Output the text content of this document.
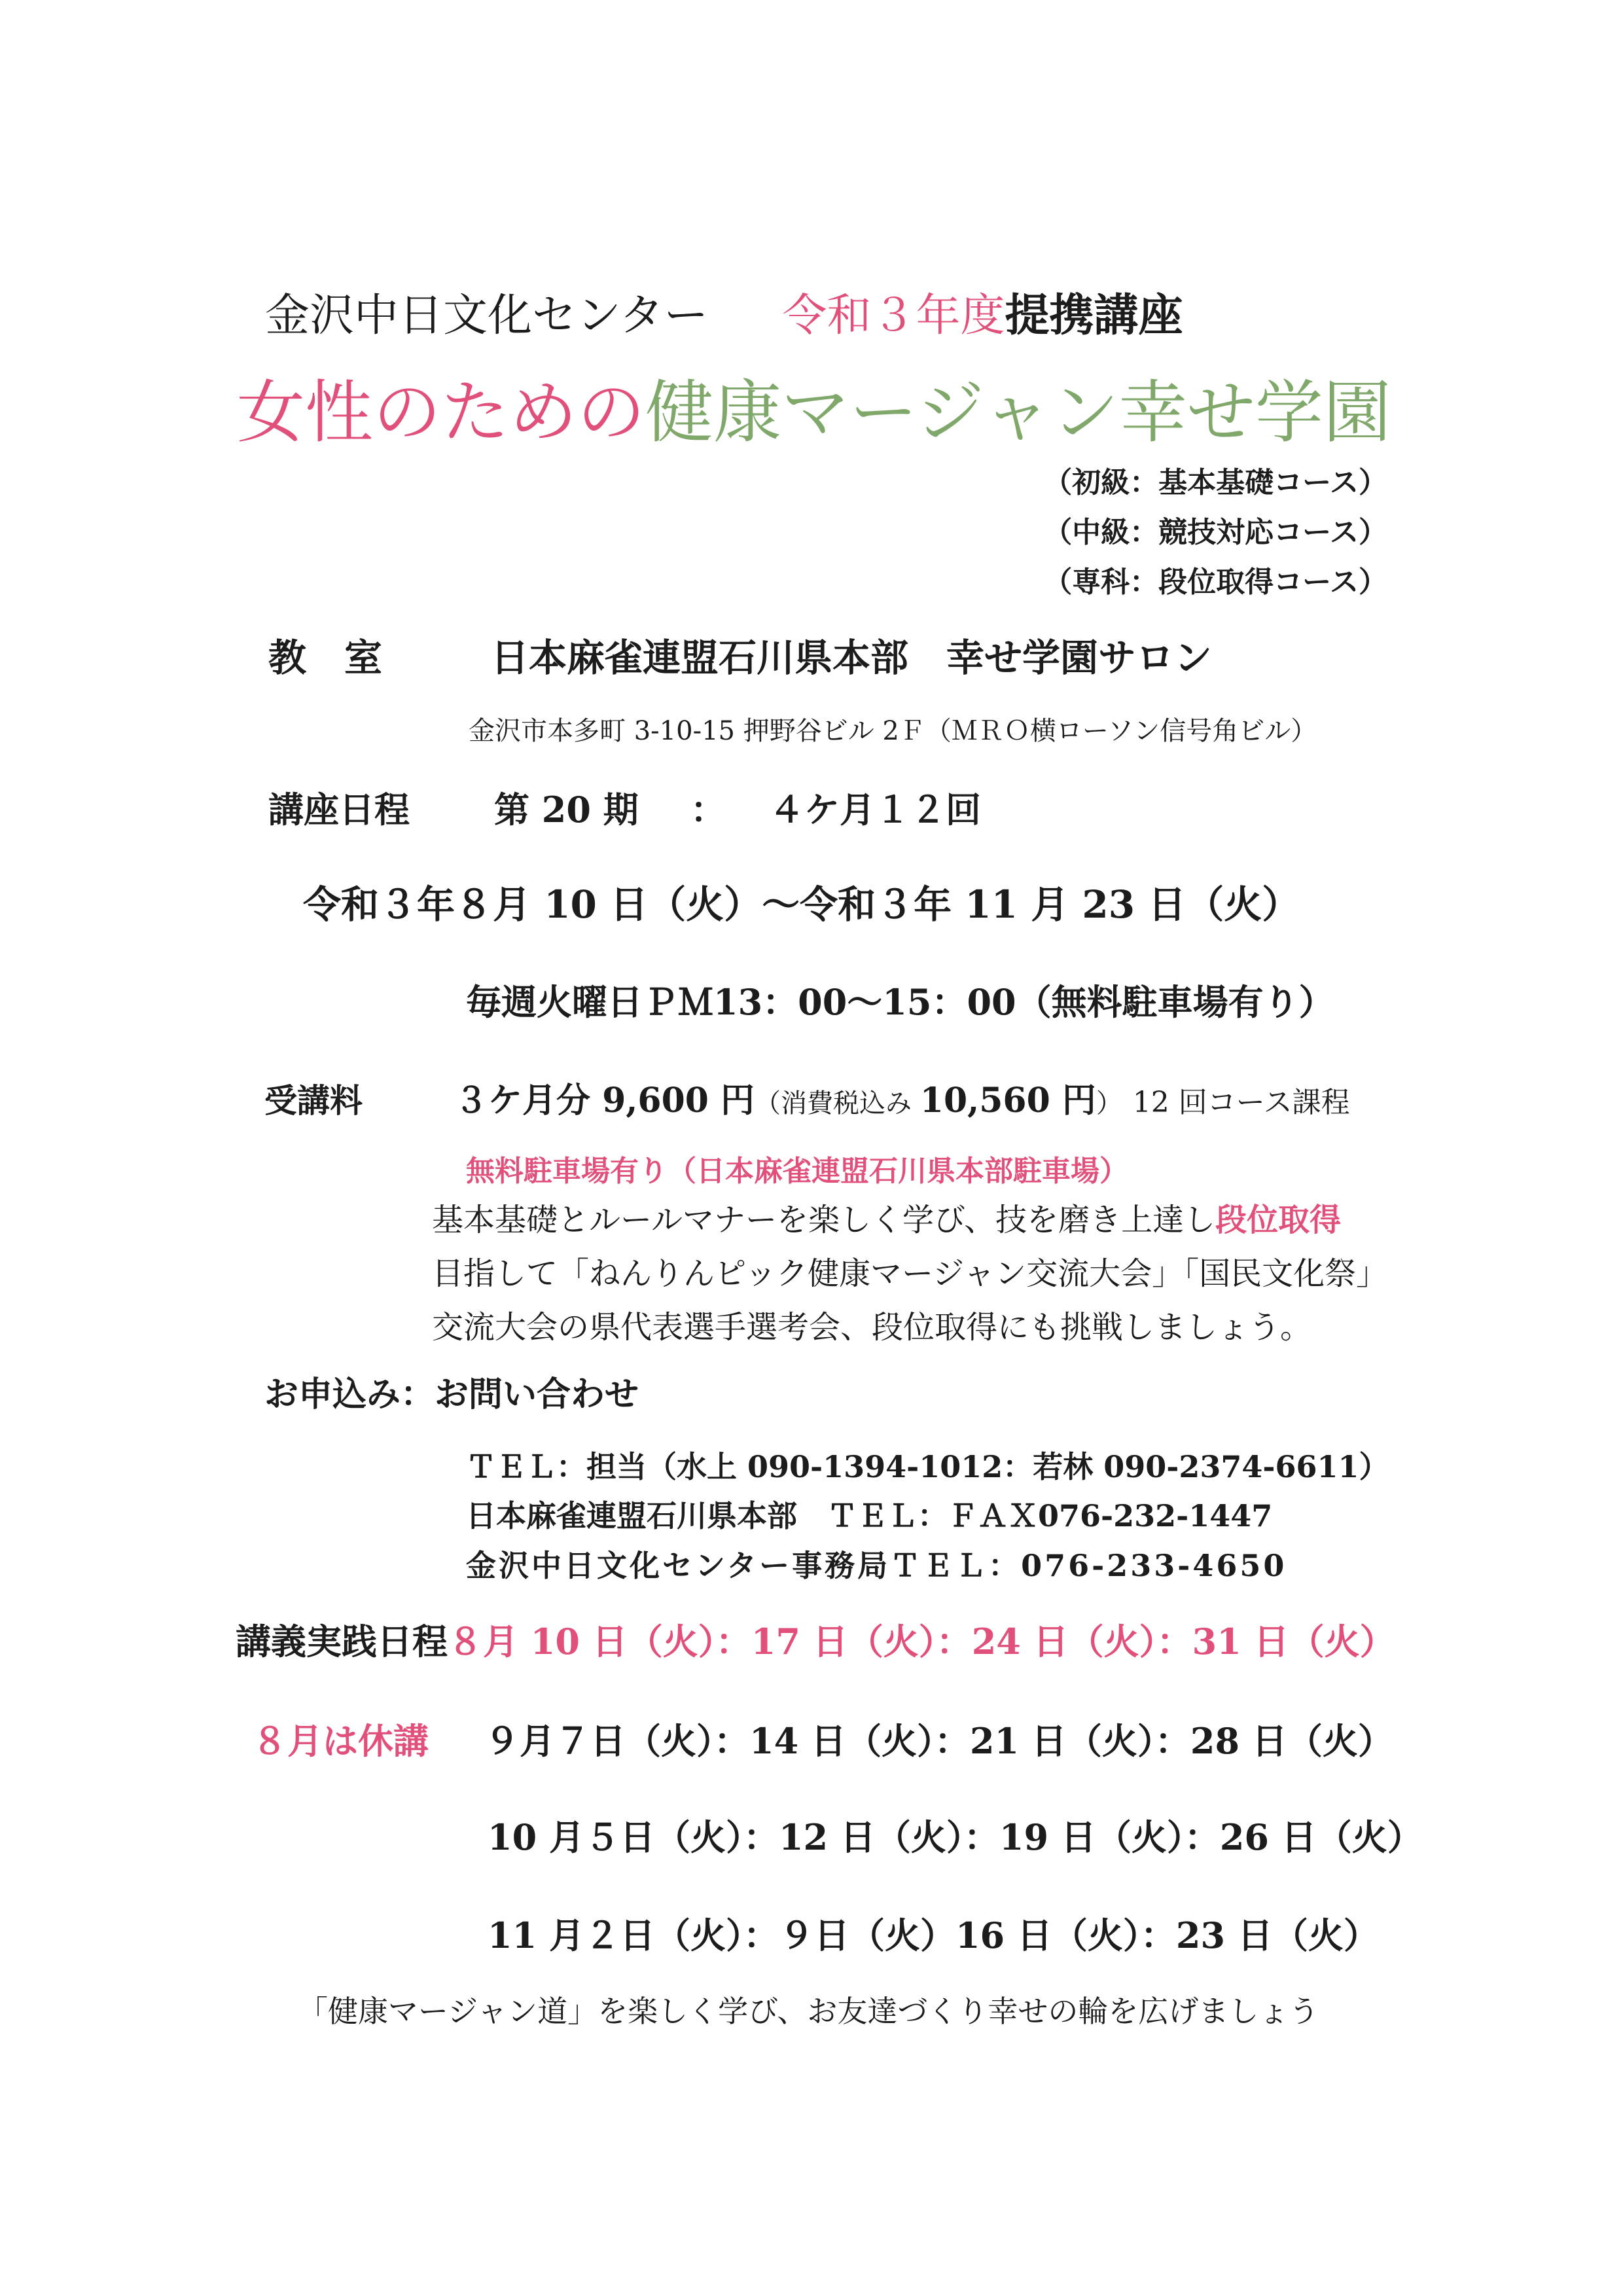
金沢中日文化センター 令和３年度提携講座
女性のための健康マージャン幸せ学園
（初級：基本基礎コース）
（中級：競技対応コース）
（専科：段位取得コース）
教　室	日本麻雀連盟石川県本部　幸せ学園サロン
金沢市本多町 3-10-15 押野谷ビル 2Ｆ（ＭＲＯ横ローソン信号角ビル）
講座日程 第 20 期 ： ４ケ月１２回
令和３年８月 10 日（火）～令和３年 11 月 23 日（火）
毎週火曜日ＰＭ13：00～15：00（無料駐車場有り）
受講料	３ケ月分 9,600 円（消費税込み 10,560 円） 12 回コース課程
無料駐車場有り（日本麻雀連盟石川県本部駐車場）
基本基礎とルールマナーを楽しく学び、技を磨き上達し段位取得
目指して「ねんりんピック健康マージャン交流大会」「国民文化祭」
交流大会の県代表選手選考会、段位取得にも挑戦しましょう。
お申込み：お問い合わせ
ＴＥＬ：担当（水上 090-1394-1012：若林 090-2374-6611）
日本麻雀連盟石川県本部　ＴＥＬ：ＦＡＸ076-232-1447
金沢中日文化センター事務局ＴＥＬ：076-233-4650
講義実践日程８月 10 日（火）：17 日（火）：24 日（火）：31 日（火）
８月は休講 ９月７日（火）：14 日（火）：21 日（火）：28 日（火）
10 月５日（火）：12 日（火）：19 日（火）：26 日（火）
11 月２日（火）：９日（火）16 日（火）：23 日（火）
「健康マージャン道」を楽しく学び、お友達づくり幸せの輪を広げましょう
